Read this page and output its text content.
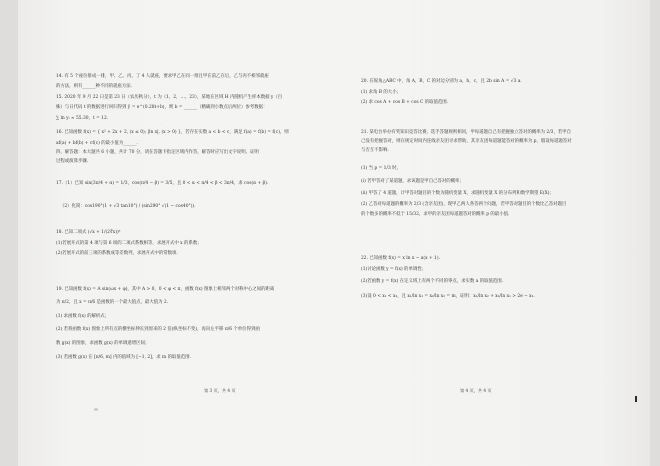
14. 有 5 个座位排成一排，甲、乙、丙、丁 4 人就座，要求甲乙在同一排且甲在前乙在后，乙与丙不相邻就座
的方法，则有______种不同的就座方法.
15. 2020 年 9 月 22 日是第 23 日（农历秋分），t 为（1，2，…，23），某地在区域 H 内随机产生样本数据 y（百
株）与日代码 t 的数据进行回归得到 ŷ = e^(0.28t+b)，则 b = ______（精确到小数点后两位）参考数据：
∑ ln yᵢ ≈ 55.30，t̄ = 12.
16. 已知函数 f(x) = { x² + 2x + 2, (x ≤ 0); |ln x|, (x > 0) }，若存在实数 a < b < c，满足 f(a) = f(b) = f(c)，则
af(a) + bf(b) + cf(c) 的最小值为______.
四、解答题：本大题共 6 小题，共计 70 分，请在答题卡指定区域内作答，解答时应写出文字说明、证明
过程或演算步骤.
17.（1）已知 sin(3π/4 + α) = 1/3，cos(π/4 − β) = 3/5，且 0 < α < π/4 < β < 3π/4，求 cos(α + β).
（2）化简：cos190°(1 + √3 tan10°) / (sin290° √(1 − cos40°)).
18. 已知二项式 (√x + 1/(2∜x))ⁿ
(1)若展开式的第 4 项与第 6 项的二项式系数相等，求展开式中 x 的系数；
(2)若展开式的前三项的系数成等差数列，求展开式中的常数项.
19. 已知函数 f(x) = A sin(ωx + φ)，其中 A > 0，0 < φ < π，函数 f(x) 图象上相邻两个对称中心之间的距离
为 π/2，且 x = π/6 是函数的一个最大值点，最大值为 2.
(1) 求函数 f(x) 的解析式；
(2) 若将函数 f(x) 图象上所有点的横坐标伸长到原来的 2 倍(纵坐标不变)，再向左平移 π/6 个单位得到函
数 g(x) 的图象，求函数 g(x) 的单调递增区间；
(3) 若函数 g(x) 在 [π/6, m] 内的值域为 [−1, 2]，求 m 的取值范围.
第 3 页，共 4 页
20. 在锐角△ABC 中，角 A，B，C 的对边分别为 a，b，c，且 2b sin A = √3 a.
(1) 求角 B 的大小；
(2) 求 cos A + cos B + cos C 的取值范围.
21. 某电台举办有奖知识竞答比赛，选手答题规则相同，甲每道题自己有把握独立答对的概率为 2/3，若甲自
己没有把握答对，则在规定时间内连线亲友团寻求帮助，其亲友团每道题能答对的概率为 p，假设每道题答对
与否互不影响.
(1) 当 p = 1/3 时，
(i) 若甲答对了某道题，求该题是甲自己答对的概率；
(ii) 甲答了 4 道题，计甲答对题目的个数为随机变量 X，求随机变量 X 的分布列和数学期望 E(X)；
(2) 乙答对每道题的概率为 2/3 (含亲友团)，现甲乙两人各答两个问题，若甲答对题目的个数比乙答对题目
的个数多的概率不低于 15/32，求甲的亲友团每道题答对的概率 p 的最小值.
22. 已知函数 f(x) = x ln x − a(x + 1).
(1)讨论函数 y = f(x) 的单调性；
(2)若函数 y = f(x) 在定义域上有两个不同的零点，求实数 a 的取值范围.
(3)设 0 < x₁ < x₂，且 x₁/ln x₁ = x₂/ln x₂ = m，证明：x₁/ln x₂ + x₂/ln x₁ > 2e − x₂.
第 4 页，共 4 页
